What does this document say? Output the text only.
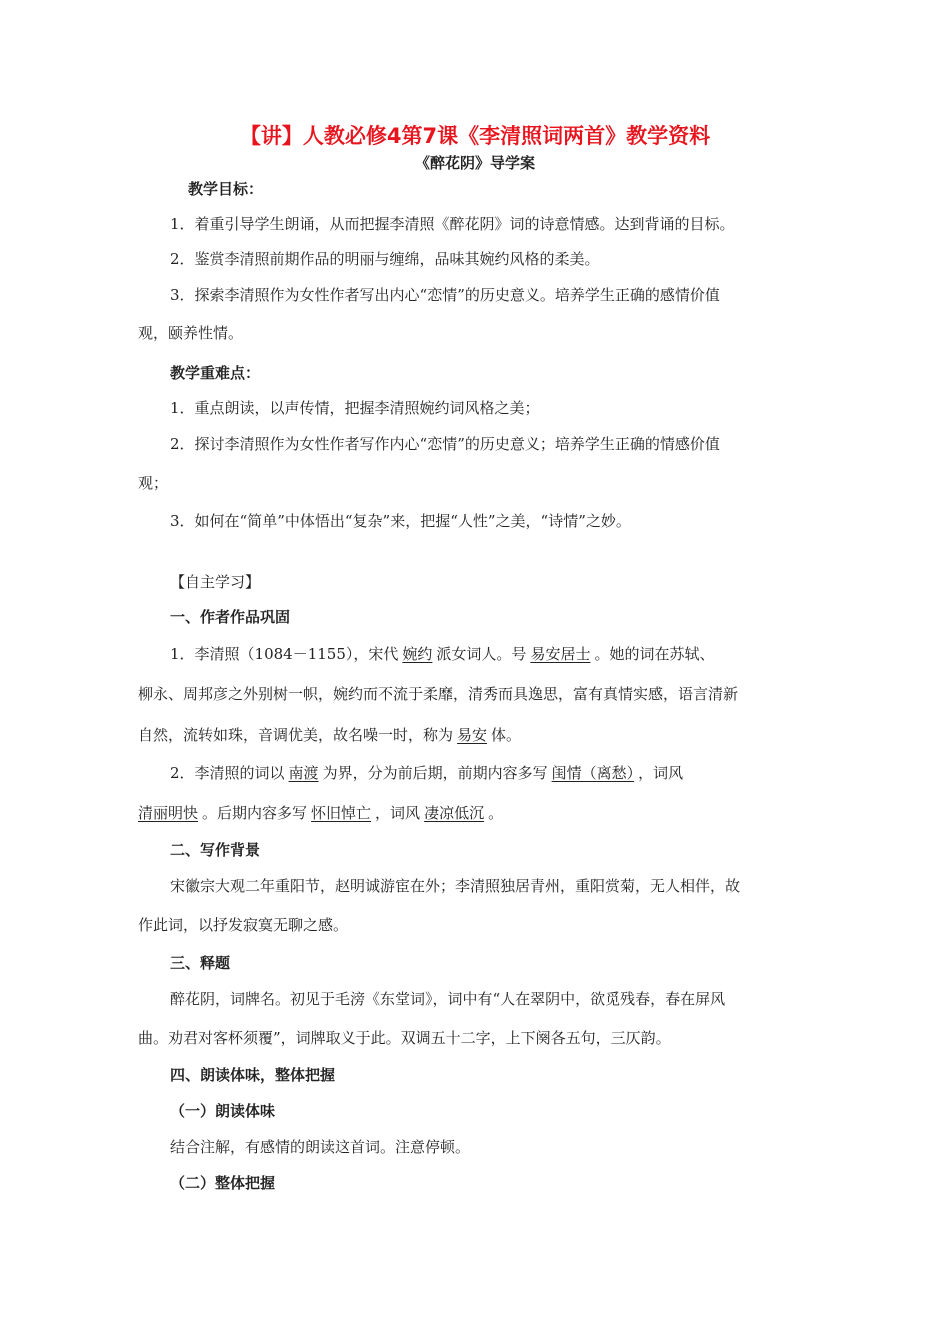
【讲】人教必修4第7课《李清照词两首》教学资料
《醉花阴》导学案
教学目标：
1．着重引导学生朗诵，从而把握李清照《醉花阴》词的诗意情感。达到背诵的目标。
2．鉴赏李清照前期作品的明丽与缠绵，品味其婉约风格的柔美。
3．探索李清照作为女性作者写出内心“恋情”的历史意义。培养学生正确的感情价值
观，颐养性情。
教学重难点：
1．重点朗读，以声传情，把握李清照婉约词风格之美；
2．探讨李清照作为女性作者写作内心“恋情”的历史意义；培养学生正确的情感价值
观；
3．如何在“简单”中体悟出“复杂”来，把握“人性”之美，“诗情”之妙。
【自主学习】
一、作者作品巩固
1．李清照（1084－1155），宋代 婉约 派女词人。号 易安居士 。她的词在苏轼、
柳永、周邦彦之外别树一帜，婉约而不流于柔靡，清秀而具逸思，富有真情实感，语言清新
自然，流转如珠，音调优美，故名噪一时，称为 易安 体。
2．李清照的词以 南渡 为界，分为前后期，前期内容多写 闺情（离愁） ，词风
清丽明快 。后期内容多写 怀旧悼亡 ，词风 凄凉低沉 。
二、写作背景
宋徽宗大观二年重阳节，赵明诚游宦在外；李清照独居青州，重阳赏菊，无人相伴，故
作此词，以抒发寂寞无聊之感。
三、释题
醉花阴，词牌名。初见于毛滂《东堂词》，词中有“人在翠阴中，欲觅残春，春在屏风
曲。劝君对客杯须覆”，词牌取义于此。双调五十二字，上下阕各五句，三仄韵。
四、朗读体味，整体把握
（一）朗读体味
结合注解，有感情的朗读这首词。注意停顿。
（二）整体把握
